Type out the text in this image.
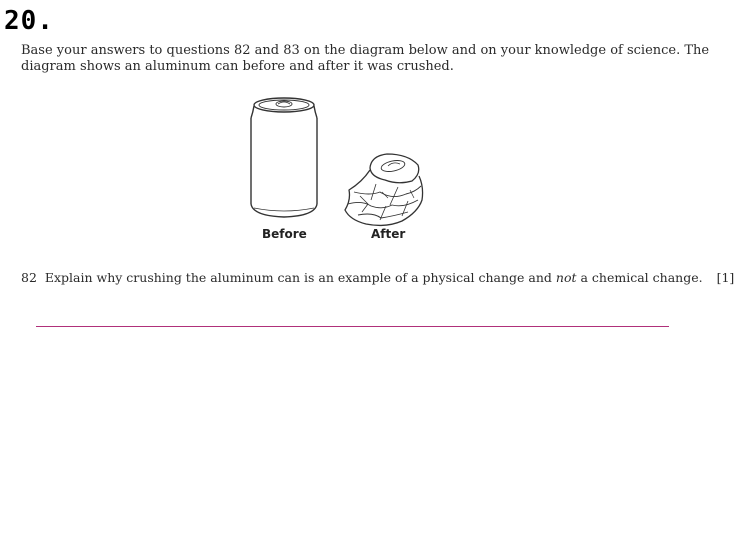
20.

Base your answers to questions 82 and 83 on the diagram below and on your knowledge of science. The
diagram shows an aluminum can before and after it was crushed.

Before	After

82 Explain why crushing the aluminum can is an example of a physical change and not a chemical change. [1]
